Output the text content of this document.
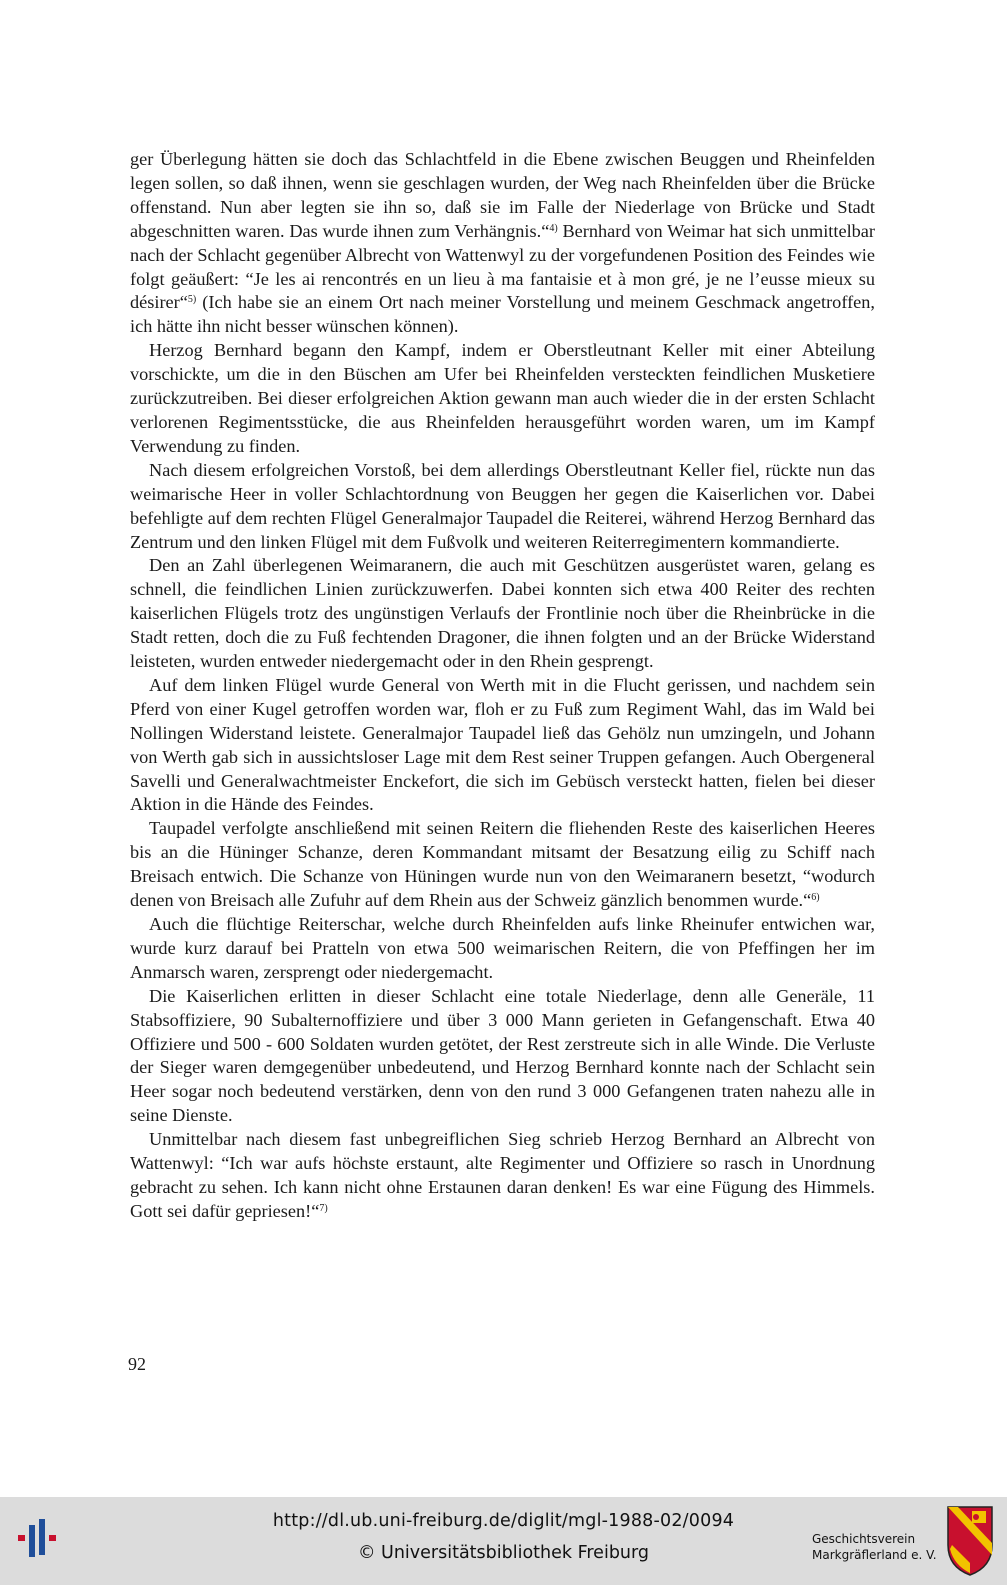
ger Überlegung hätten sie doch das Schlachtfeld in die Ebene zwischen Beuggen und Rheinfelden legen sollen, so daß ihnen, wenn sie geschlagen wurden, der Weg nach Rheinfelden über die Brücke offenstand. Nun aber legten sie ihn so, daß sie im Falle der Niederlage von Brücke und Stadt abgeschnitten waren. Das wurde ihnen zum Verhängnis.“$^{4)}$ Bernhard von Weimar hat sich unmittelbar nach der Schlacht gegenüber Albrecht von Wattenwyl zu der vorgefundenen Position des Feindes wie folgt geäußert: “Je les ai rencontrés en un lieu à ma fantaisie et à mon gré, je ne l’eusse mieux su désirer“$^{5)}$ (Ich habe sie an einem Ort nach meiner Vorstellung und meinem Geschmack angetroffen, ich hätte ihn nicht besser wünschen können).

Herzog Bernhard begann den Kampf, indem er Oberstleutnant Keller mit einer Abteilung vorschickte, um die in den Büschen am Ufer bei Rheinfelden versteckten feindlichen Musketiere zurückzutreiben. Bei dieser erfolgreichen Aktion gewann man auch wieder die in der ersten Schlacht verlorenen Regimentsstücke, die aus Rheinfelden herausgeführt worden waren, um im Kampf Verwendung zu finden.

Nach diesem erfolgreichen Vorstoß, bei dem allerdings Oberstleutnant Keller fiel, rückte nun das weimarische Heer in voller Schlachtordnung von Beuggen her gegen die Kaiserlichen vor. Dabei befehligte auf dem rechten Flügel Generalmajor Taupadel die Reiterei, während Herzog Bernhard das Zentrum und den linken Flügel mit dem Fußvolk und weiteren Reiterregimentern kommandierte.

Den an Zahl überlegenen Weimaranern, die auch mit Geschützen ausgerüstet waren, gelang es schnell, die feindlichen Linien zurückzuwerfen. Dabei konnten sich etwa 400 Reiter des rechten kaiserlichen Flügels trotz des ungünstigen Verlaufs der Frontlinie noch über die Rheinbrücke in die Stadt retten, doch die zu Fuß fechtenden Dragoner, die ihnen folgten und an der Brücke Widerstand leisteten, wurden entweder niedergemacht oder in den Rhein gesprengt.

Auf dem linken Flügel wurde General von Werth mit in die Flucht gerissen, und nachdem sein Pferd von einer Kugel getroffen worden war, floh er zu Fuß zum Regiment Wahl, das im Wald bei Nollingen Widerstand leistete. Generalmajor Taupadel ließ das Gehölz nun umzingeln, und Johann von Werth gab sich in aussichtsloser Lage mit dem Rest seiner Truppen gefangen. Auch Obergeneral Savelli und Generalwachtmeister Enckefort, die sich im Gebüsch versteckt hatten, fielen bei dieser Aktion in die Hände des Feindes.

Taupadel verfolgte anschließend mit seinen Reitern die fliehenden Reste des kaiserlichen Heeres bis an die Hüninger Schanze, deren Kommandant mitsamt der Besatzung eilig zu Schiff nach Breisach entwich. Die Schanze von Hüningen wurde nun von den Weimaranern besetzt, “wodurch denen von Breisach alle Zufuhr auf dem Rhein aus der Schweiz gänzlich benommen wurde.“$^{6)}$

Auch die flüchtige Reiterschar, welche durch Rheinfelden aufs linke Rheinufer entwichen war, wurde kurz darauf bei Pratteln von etwa 500 weimarischen Reitern, die von Pfeffingen her im Anmarsch waren, zersprengt oder niedergemacht.

Die Kaiserlichen erlitten in dieser Schlacht eine totale Niederlage, denn alle Generäle, 11 Stabsoffiziere, 90 Subalternoffiziere und über 3 000 Mann gerieten in Gefangenschaft. Etwa 40 Offiziere und 500 - 600 Soldaten wurden getötet, der Rest zerstreute sich in alle Winde. Die Verluste der Sieger waren demgegenüber unbedeutend, und Herzog Bernhard konnte nach der Schlacht sein Heer sogar noch bedeutend verstärken, denn von den rund 3 000 Gefangenen traten nahezu alle in seine Dienste.

Unmittelbar nach diesem fast unbegreiflichen Sieg schrieb Herzog Bernhard an Albrecht von Wattenwyl: “Ich war aufs höchste erstaunt, alte Regimenter und Offiziere so rasch in Unordnung gebracht zu sehen. Ich kann nicht ohne Erstaunen daran denken! Es war eine Fügung des Himmels. Gott sei dafür gepriesen!“$^{7)}$

92
http://dl.ub.uni-freiburg.de/diglit/mgl-1988-02/0094
© Universitätsbibliothek Freiburg
Geschichtsverein
Markgräflerland e. V.
